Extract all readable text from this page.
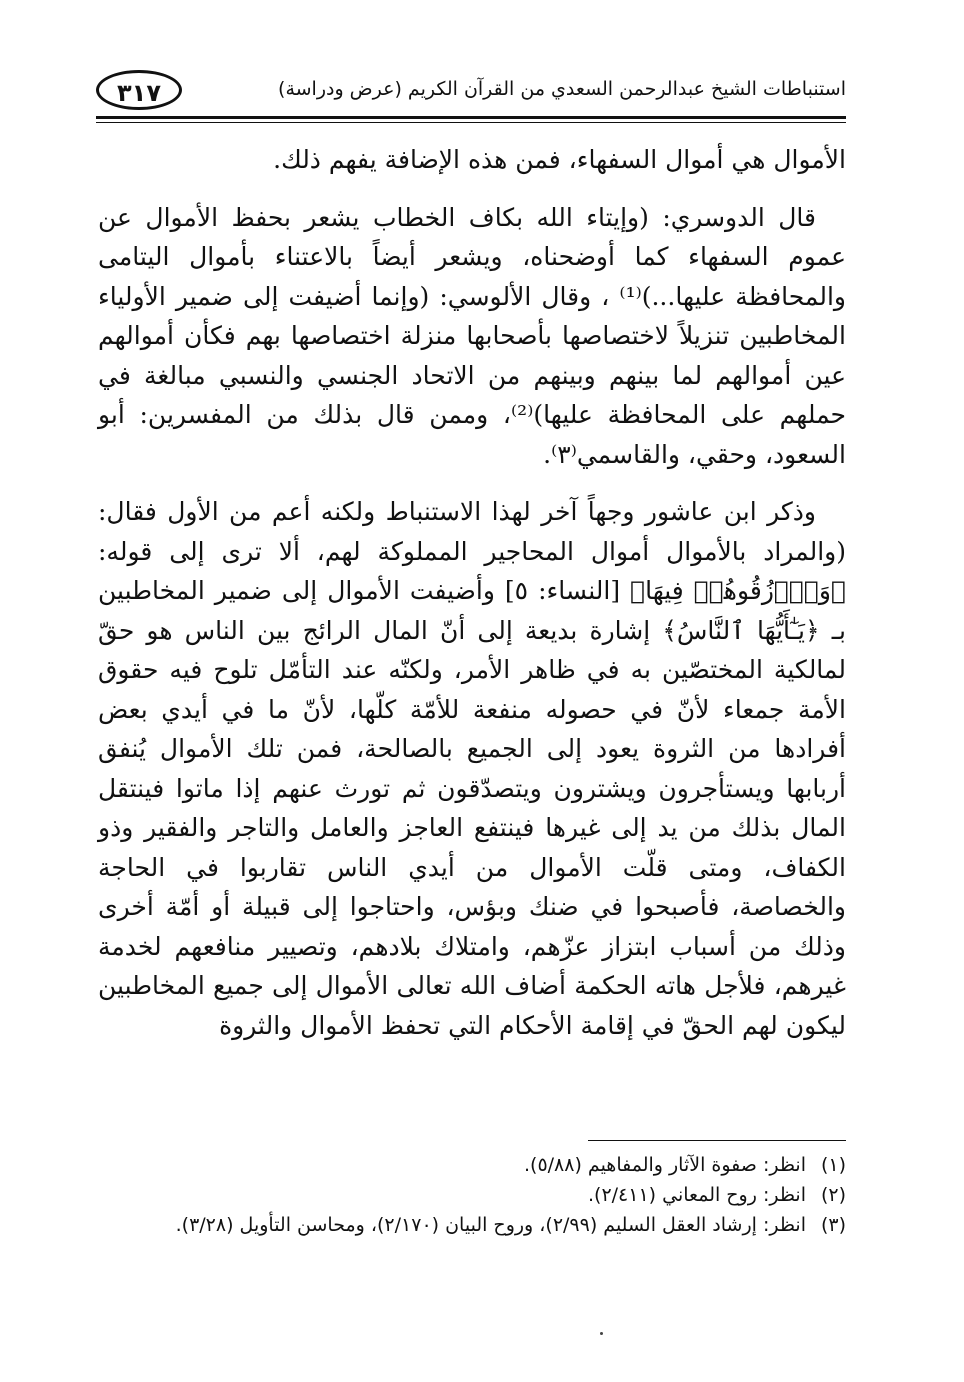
استنباطات الشيخ عبدالرحمن السعدي من القرآن الكريم (عرض ودراسة)
٣١٧

الأموال هي أموال السفهاء، فمن هذه الإضافة يفهم ذلك.

قال الدوسري: (وإيتاء الله بكاف الخطاب يشعر بحفظ الأموال عن عموم السفهاء كما أوضحناه، ويشعر أيضاً بالاعتناء بأموال اليتامى والمحافظة عليها...)⁽¹⁾ ، وقال الألوسي: (وإنما أضيفت إلى ضمير الأولياء المخاطبين تنزيلاً لاختصاصها بأصحابها منزلة اختصاصها بهم فكأن أموالهم عين أموالهم لما بينهم وبينهم من الاتحاد الجنسي والنسبي مبالغة في حملهم على المحافظة عليها)⁽²⁾، وممن قال بذلك من المفسرين: أبو السعود، وحقي، والقاسمي⁽٣⁾.

وذكر ابن عاشور وجهاً آخر لهذا الاستنباط ولكنه أعم من الأول فقال: (والمراد بالأموال أموال المحاجير المملوكة لهم، ألا ترى إلى قوله: ﴿وَٱرۡزُقُوهُمۡ فِيهَا﴾ [النساء: ٥] وأضيفت الأموال إلى ضمير المخاطبين بـ ﴿يَـٰٓأَيُّهَا ٱلنَّاسُ﴾ إشارة بديعة إلى أنّ المال الرائج بين الناس هو حقّ لمالكية المختصّين به في ظاهر الأمر، ولكنّه عند التأمّل تلوح فيه حقوق الأمة جمعاء لأنّ في حصوله منفعة للأمّة كلّها، لأنّ ما في أيدي بعض أفرادها من الثروة يعود إلى الجميع بالصالحة، فمن تلك الأموال يُنفق أربابها ويستأجرون ويشترون ويتصدّقون ثم تورث عنهم إذا ماتوا فينتقل المال بذلك من يد إلى غيرها فينتفع العاجز والعامل والتاجر والفقير وذو الكفاف، ومتى قلّت الأموال من أيدي الناس تقاربوا في الحاجة والخصاصة، فأصبحوا في ضنك وبؤس، واحتاجوا إلى قبيلة أو أمّة أخرى وذلك من أسباب ابتزاز عزّهم، وامتلاك بلادهم، وتصيير منافعهم لخدمة غيرهم، فلأجل هاته الحكمة أضاف الله تعالى الأموال إلى جميع المخاطبين ليكون لهم الحقّ في إقامة الأحكام التي تحفظ الأموال والثروة

(١)
انظر: صفوة الآثار والمفاهيم (٥/٨٨).
(٢)
انظر: روح المعاني (٢/٤١١).
(٣)
انظر: إرشاد العقل السليم (٢/٩٩)، وروح البيان (٢/١٧٠)، ومحاسن التأويل (٣/٢٨).
